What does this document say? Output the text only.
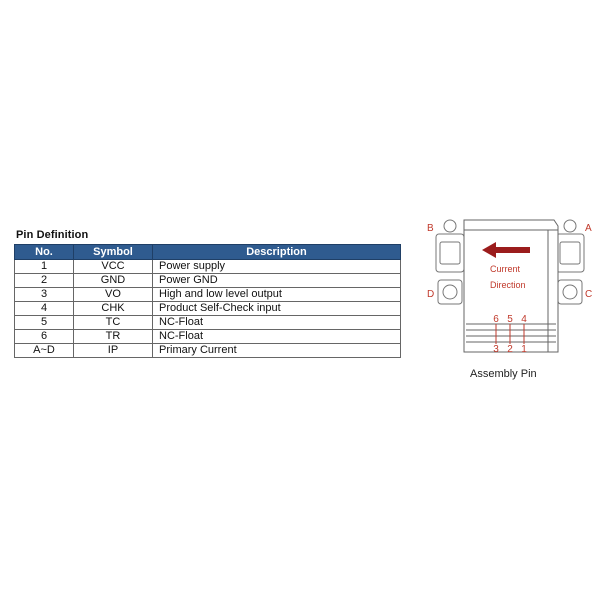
Pin Definition
No.	Symbol	Description
1	VCC	Power supply
2	GND	Power GND
3	VO	High and low level output
4	CHK	Product Self-Check input
5	TC	NC-Float
6	TR	NC-Float
A~D	IP	Primary Current
B	A
D	C
Current
Direction
6 5 4
3 2 1
Assembly Pin
